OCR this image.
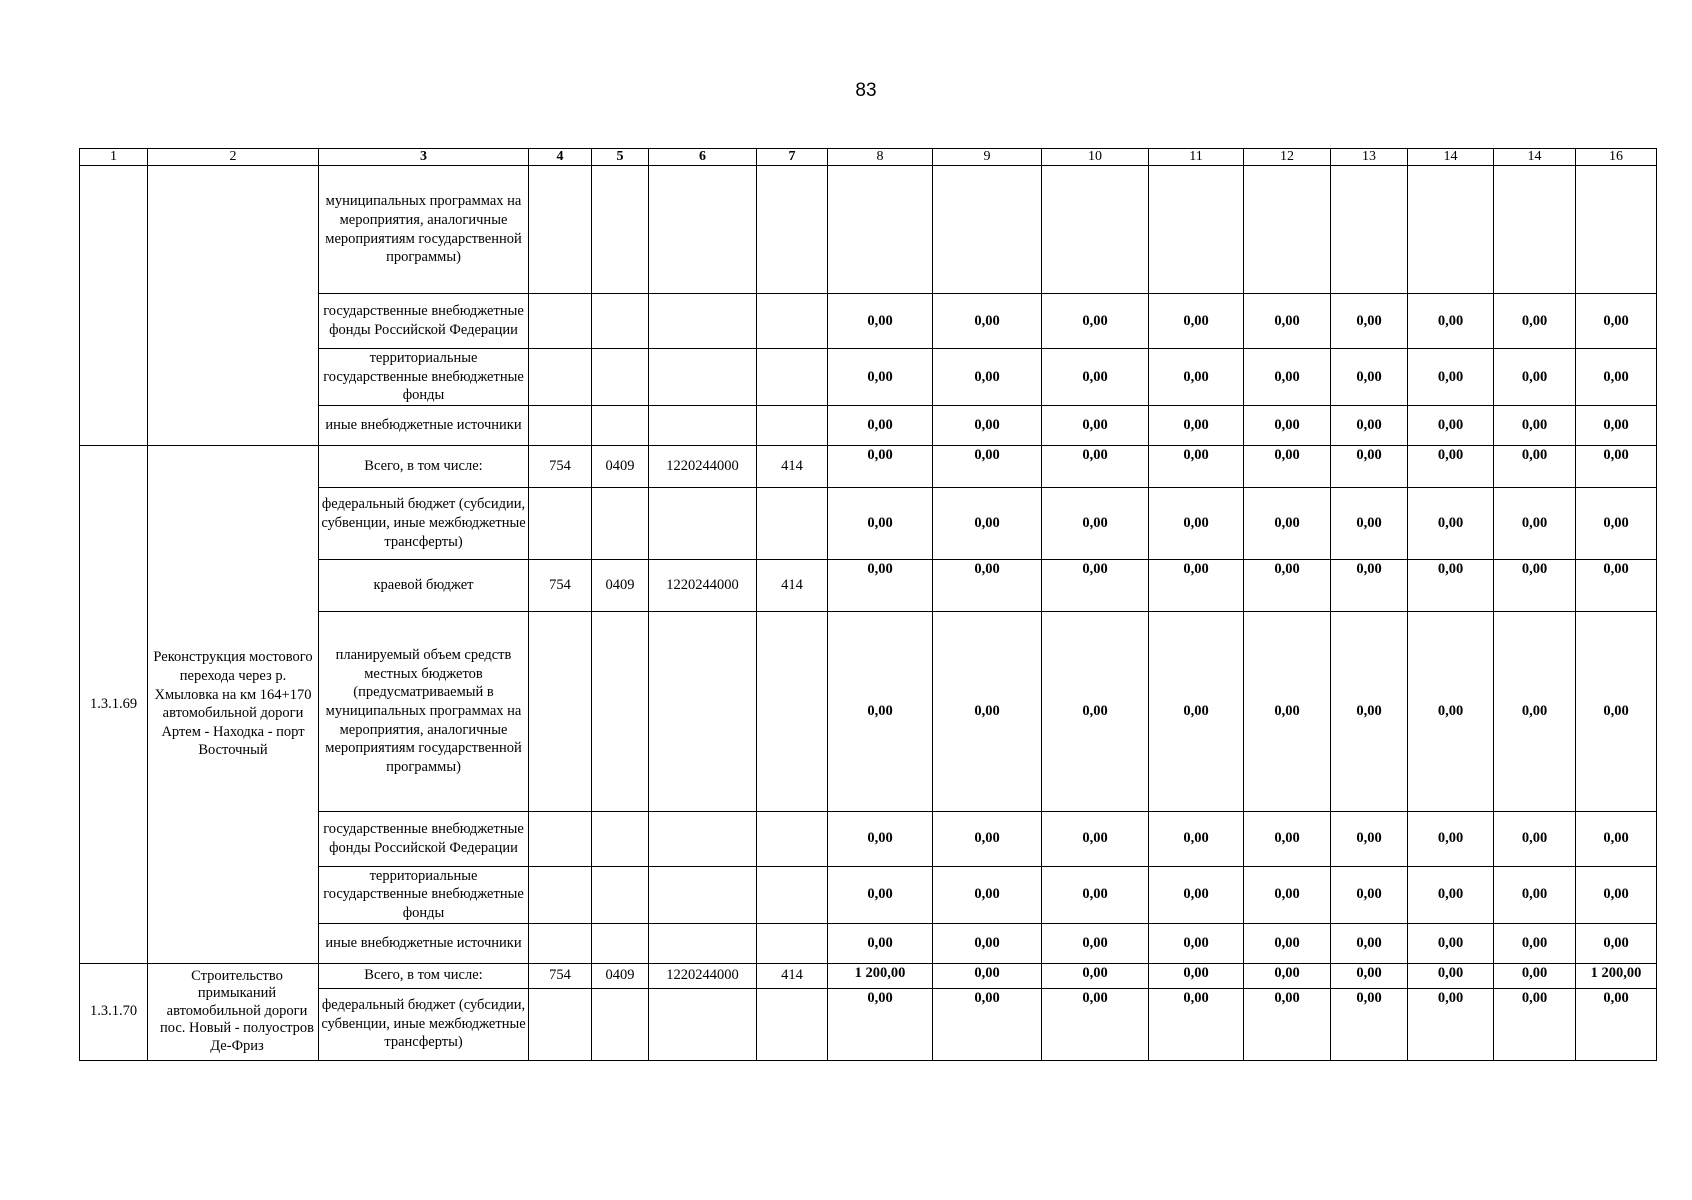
83
1	2	3	4	5	6	7	8	9	10	11	12	13	14	14	16
		муниципальных программах на мероприятия, аналогичные мероприятиям государственной программы)													
		государственные внебюджетные фонды Российской Федерации					0,00	0,00	0,00	0,00	0,00	0,00	0,00	0,00	0,00
		территориальные государственные внебюджетные фонды					0,00	0,00	0,00	0,00	0,00	0,00	0,00	0,00	0,00
		иные внебюджетные источники					0,00	0,00	0,00	0,00	0,00	0,00	0,00	0,00	0,00
1.3.1.69	Реконструкция мостового перехода через р. Хмыловка на км 164+170 автомобильной дороги Артем - Находка - порт Восточный	Всего, в том числе:	754	0409	1220244000	414	0,00	0,00	0,00	0,00	0,00	0,00	0,00	0,00	0,00
		федеральный бюджет (субсидии, субвенции, иные межбюджетные трансферты)					0,00	0,00	0,00	0,00	0,00	0,00	0,00	0,00	0,00
		краевой бюджет	754	0409	1220244000	414	0,00	0,00	0,00	0,00	0,00	0,00	0,00	0,00	0,00
		планируемый объем средств местных бюджетов (предусматриваемый в муниципальных программах на мероприятия, аналогичные мероприятиям государственной программы)					0,00	0,00	0,00	0,00	0,00	0,00	0,00	0,00	0,00
		государственные внебюджетные фонды Российской Федерации					0,00	0,00	0,00	0,00	0,00	0,00	0,00	0,00	0,00
		территориальные государственные внебюджетные фонды					0,00	0,00	0,00	0,00	0,00	0,00	0,00	0,00	0,00
		иные внебюджетные источники					0,00	0,00	0,00	0,00	0,00	0,00	0,00	0,00	0,00
1.3.1.70	Строительство примыканий автомобильной дороги пос. Новый - полуостров Де-Фриз	Всего, в том числе:	754	0409	1220244000	414	1 200,00	0,00	0,00	0,00	0,00	0,00	0,00	0,00	1 200,00
		федеральный бюджет (субсидии, субвенции, иные межбюджетные трансферты)					0,00	0,00	0,00	0,00	0,00	0,00	0,00	0,00	0,00
